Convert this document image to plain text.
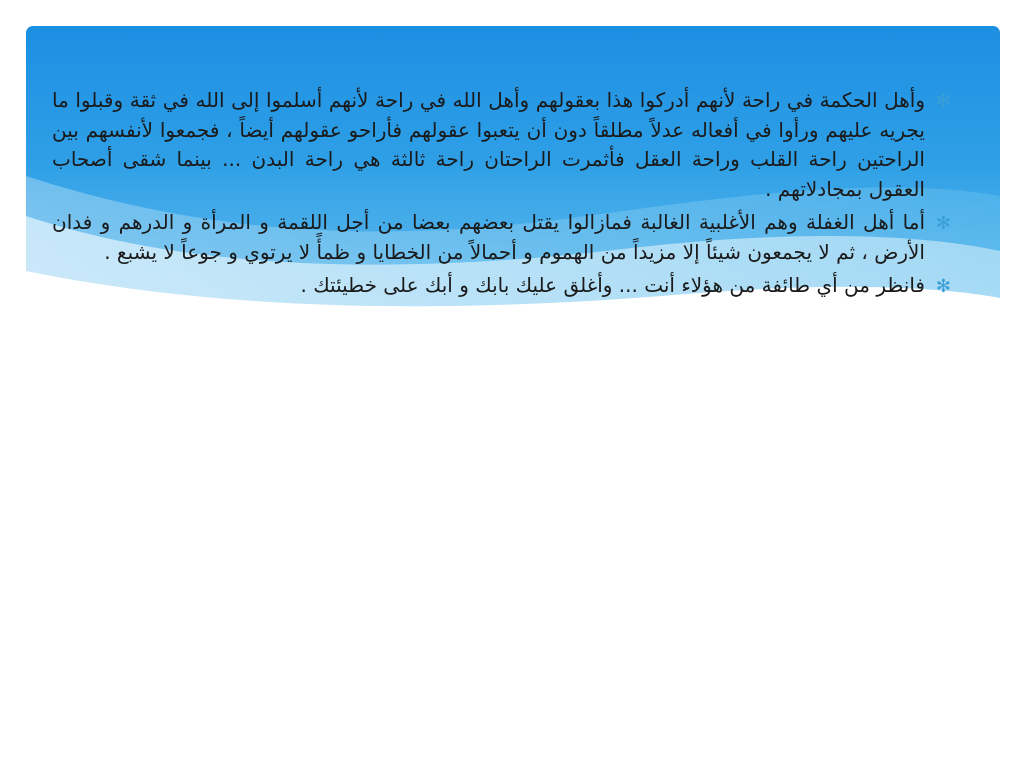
✻
وأهل الحكمة في راحة لأنهم أدركوا هذا بعقولهم وأهل الله في راحة لأنهم أسلموا إلى الله في ثقة وقبلوا ما يجريه عليهم ورأوا في أفعاله عدلاً مطلقاً دون أن يتعبوا عقولهم فأراحو عقولهم أيضاً ، فجمعوا لأنفسهم بين الراحتين راحة القلب وراحة العقل فأثمرت الراحتان راحة ثالثة هي راحة البدن ... بينما شقى أصحاب العقول بمجادلاتهم .

✻
أما أهل الغفلة وهم الأغلبية الغالبة فمازالوا يقتل بعضهم بعضا من أجل اللقمة و المرأة و الدرهم و فدان الأرض ، ثم لا يجمعون شيئاً إلا مزيداً من الهموم و أحمالاً من الخطايا و ظمأً لا يرتوي و جوعاً لا يشبع .

✻
فانظر من أي طائفة من هؤلاء أنت ... وأغلق عليك بابك و أبك على خطيئتك .
